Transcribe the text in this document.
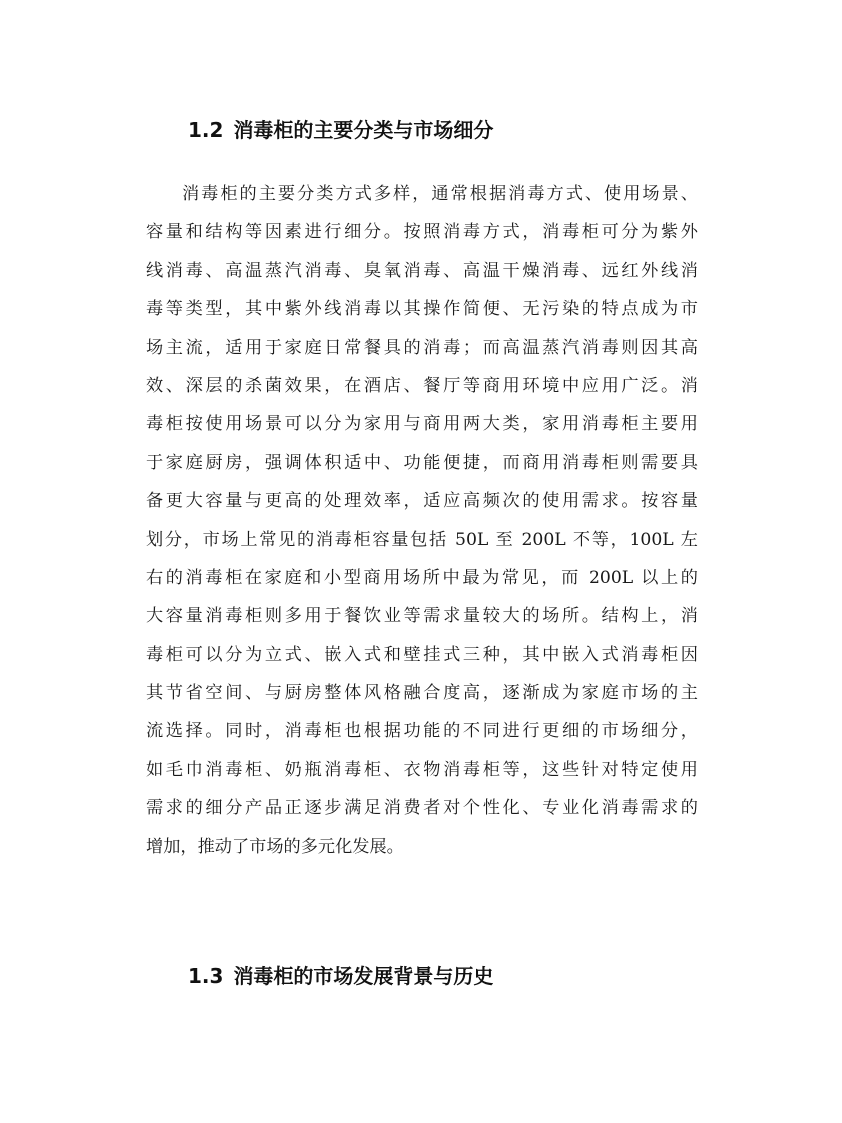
1.2 消毒柜的主要分类与市场细分
消毒柜的主要分类方式多样，通常根据消毒方式、使用场景、
容量和结构等因素进行细分。按照消毒方式，消毒柜可分为紫外
线消毒、高温蒸汽消毒、臭氧消毒、高温干燥消毒、远红外线消
毒等类型，其中紫外线消毒以其操作简便、无污染的特点成为市
场主流，适用于家庭日常餐具的消毒；而高温蒸汽消毒则因其高
效、深层的杀菌效果，在酒店、餐厅等商用环境中应用广泛。消
毒柜按使用场景可以分为家用与商用两大类，家用消毒柜主要用
于家庭厨房，强调体积适中、功能便捷，而商用消毒柜则需要具
备更大容量与更高的处理效率，适应高频次的使用需求。按容量
划分，市场上常见的消毒柜容量包括 50L 至 200L 不等，100L 左
右的消毒柜在家庭和小型商用场所中最为常见，而 200L 以上的
大容量消毒柜则多用于餐饮业等需求量较大的场所。结构上，消
毒柜可以分为立式、嵌入式和壁挂式三种，其中嵌入式消毒柜因
其节省空间、与厨房整体风格融合度高，逐渐成为家庭市场的主
流选择。同时，消毒柜也根据功能的不同进行更细的市场细分，
如毛巾消毒柜、奶瓶消毒柜、衣物消毒柜等，这些针对特定使用
需求的细分产品正逐步满足消费者对个性化、专业化消毒需求的
增加，推动了市场的多元化发展。
1.3 消毒柜的市场发展背景与历史
